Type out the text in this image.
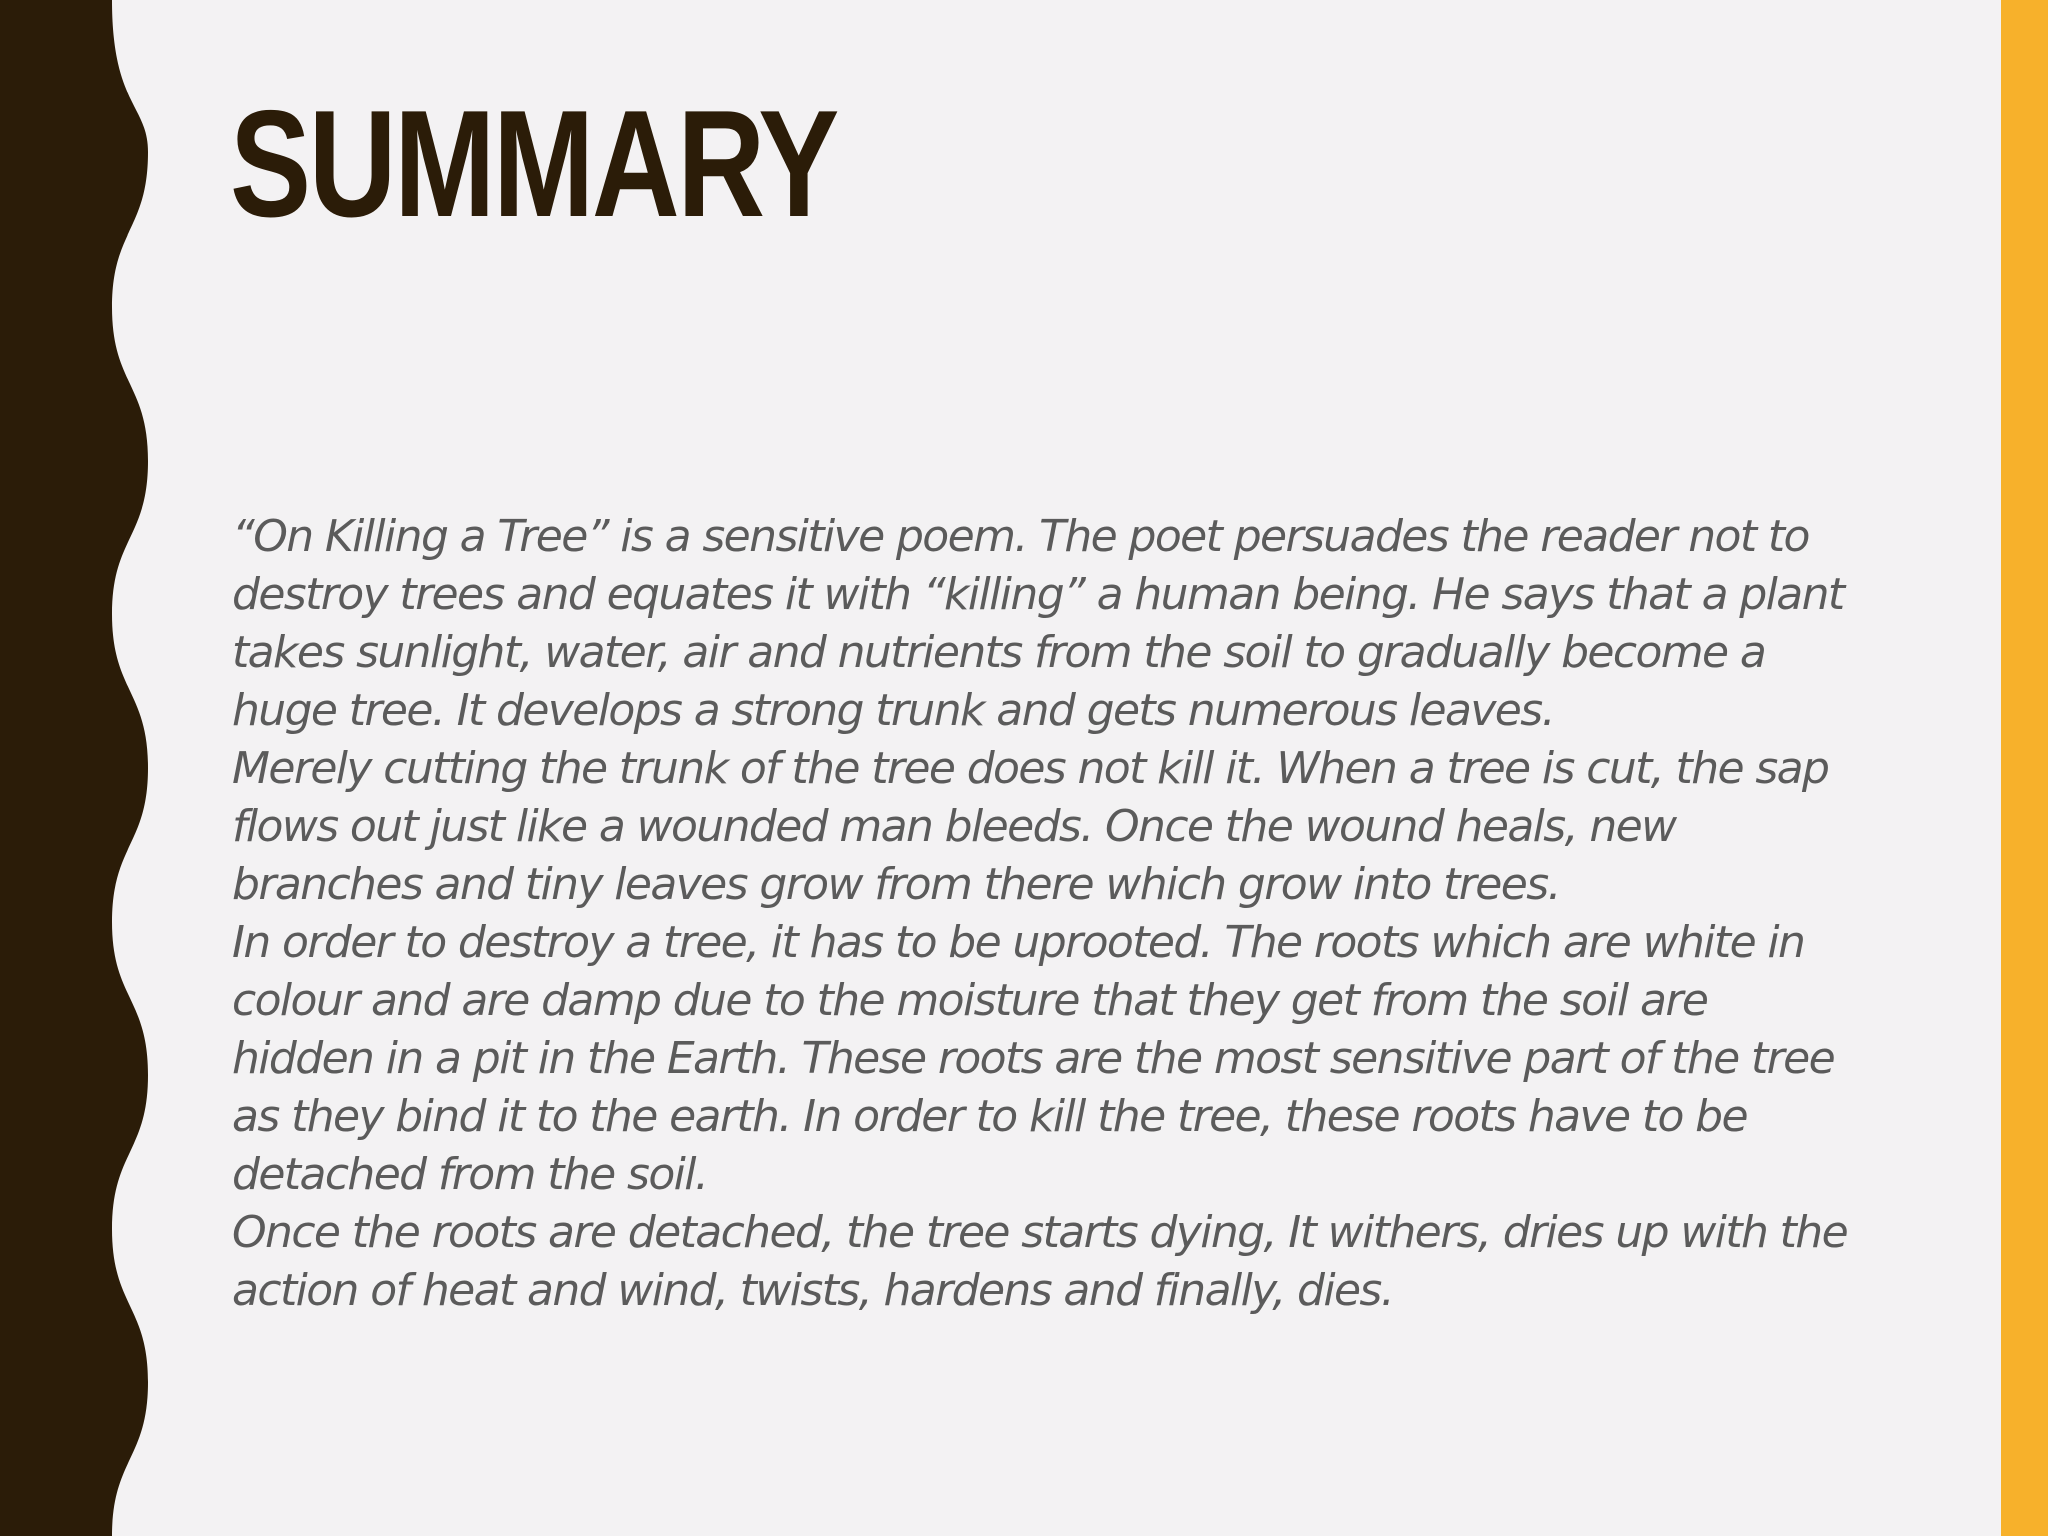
SUMMARY

“On Killing a Tree” is a sensitive poem. The poet persuades the reader not to

destroy trees and equates it with “killing” a human being. He says that a plant

takes sunlight, water, air and nutrients from the soil to gradually become a

huge tree. It develops a strong trunk and gets numerous leaves.

Merely cutting the trunk of the tree does not kill it. When a tree is cut, the sap

flows out just like a wounded man bleeds. Once the wound heals, new

branches and tiny leaves grow from there which grow into trees.

In order to destroy a tree, it has to be uprooted. The roots which are white in

colour and are damp due to the moisture that they get from the soil are

hidden in a pit in the Earth. These roots are the most sensitive part of the tree

as they bind it to the earth. In order to kill the tree, these roots have to be

detached from the soil.

Once the roots are detached, the tree starts dying, It withers, dries up with the

action of heat and wind, twists, hardens and finally, dies.
